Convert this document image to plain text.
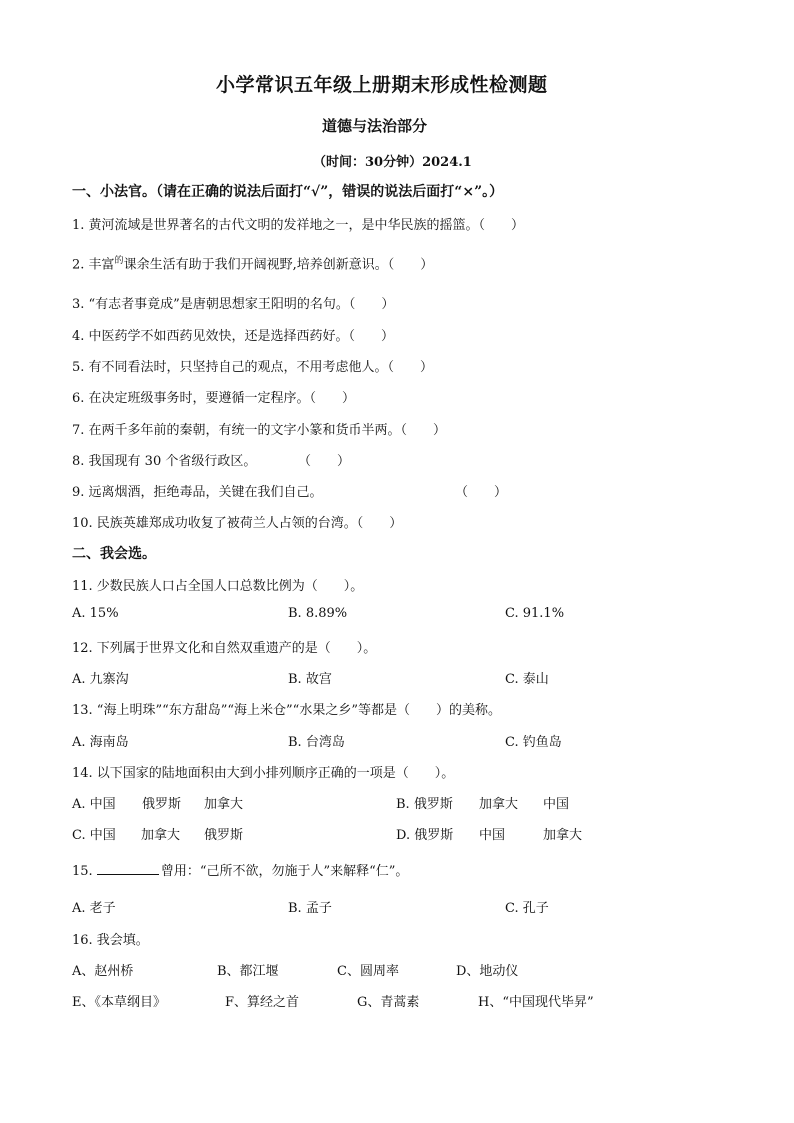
小学常识五年级上册期末形成性检测题
道德与法治部分
（时间：30分钟）2024.1
一、小法官。（请在正确的说法后面打“√”，错误的说法后面打“×”。）
1. 黄河流域是世界著名的古代文明的发祥地之一，是中华民族的摇篮。（　　）
2. 丰富$^的$课余生活有助于我们开阔视野,培养创新意识。（　　）
3. “有志者事竟成”是唐朝思想家王阳明的名句。（　　）
4. 中医药学不如西药见效快，还是选择西药好。（　　）
5. 有不同看法时，只坚持自己的观点，不用考虑他人。（　　）
6. 在决定班级事务时，要遵循一定程序。（　　）
7. 在两千多年前的秦朝，有统一的文字小篆和货币半两。（　　）
8. 我国现有 30 个省级行政区。	（　　）
9. 远离烟酒，拒绝毒品，关键在我们自己。	（　　）
10. 民族英雄郑成功收复了被荷兰人占领的台湾。（　　）
二、我会选。
11. 少数民族人口占全国人口总数比例为（　　）。
A. 15%	B. 8.89%	C. 91.1%
12. 下列属于世界文化和自然双重遗产的是（　　）。
A. 九寨沟	B. 故宫	C. 泰山
13. “海上明珠”“东方甜岛”“海上米仓”“水果之乡”等都是（　　）的美称。
A. 海南岛	B. 台湾岛	C. 钓鱼岛
14. 以下国家的陆地面积由大到小排列顺序正确的一项是（　　）。
A. 中国 俄罗斯 加拿大	B. 俄罗斯 加拿大 中国
C. 中国 加拿大 俄罗斯	D. 俄罗斯 中国	加拿大
15.	曾用：“己所不欲，勿施于人”来解释“仁”。
A. 老子	B. 孟子	C. 孔子
16. 我会填。
A、赵州桥	B、都江堰	C、圆周率	D、地动仪
E、《本草纲目》	F、算经之首	G、青蒿素	H、“中国现代毕昇”
